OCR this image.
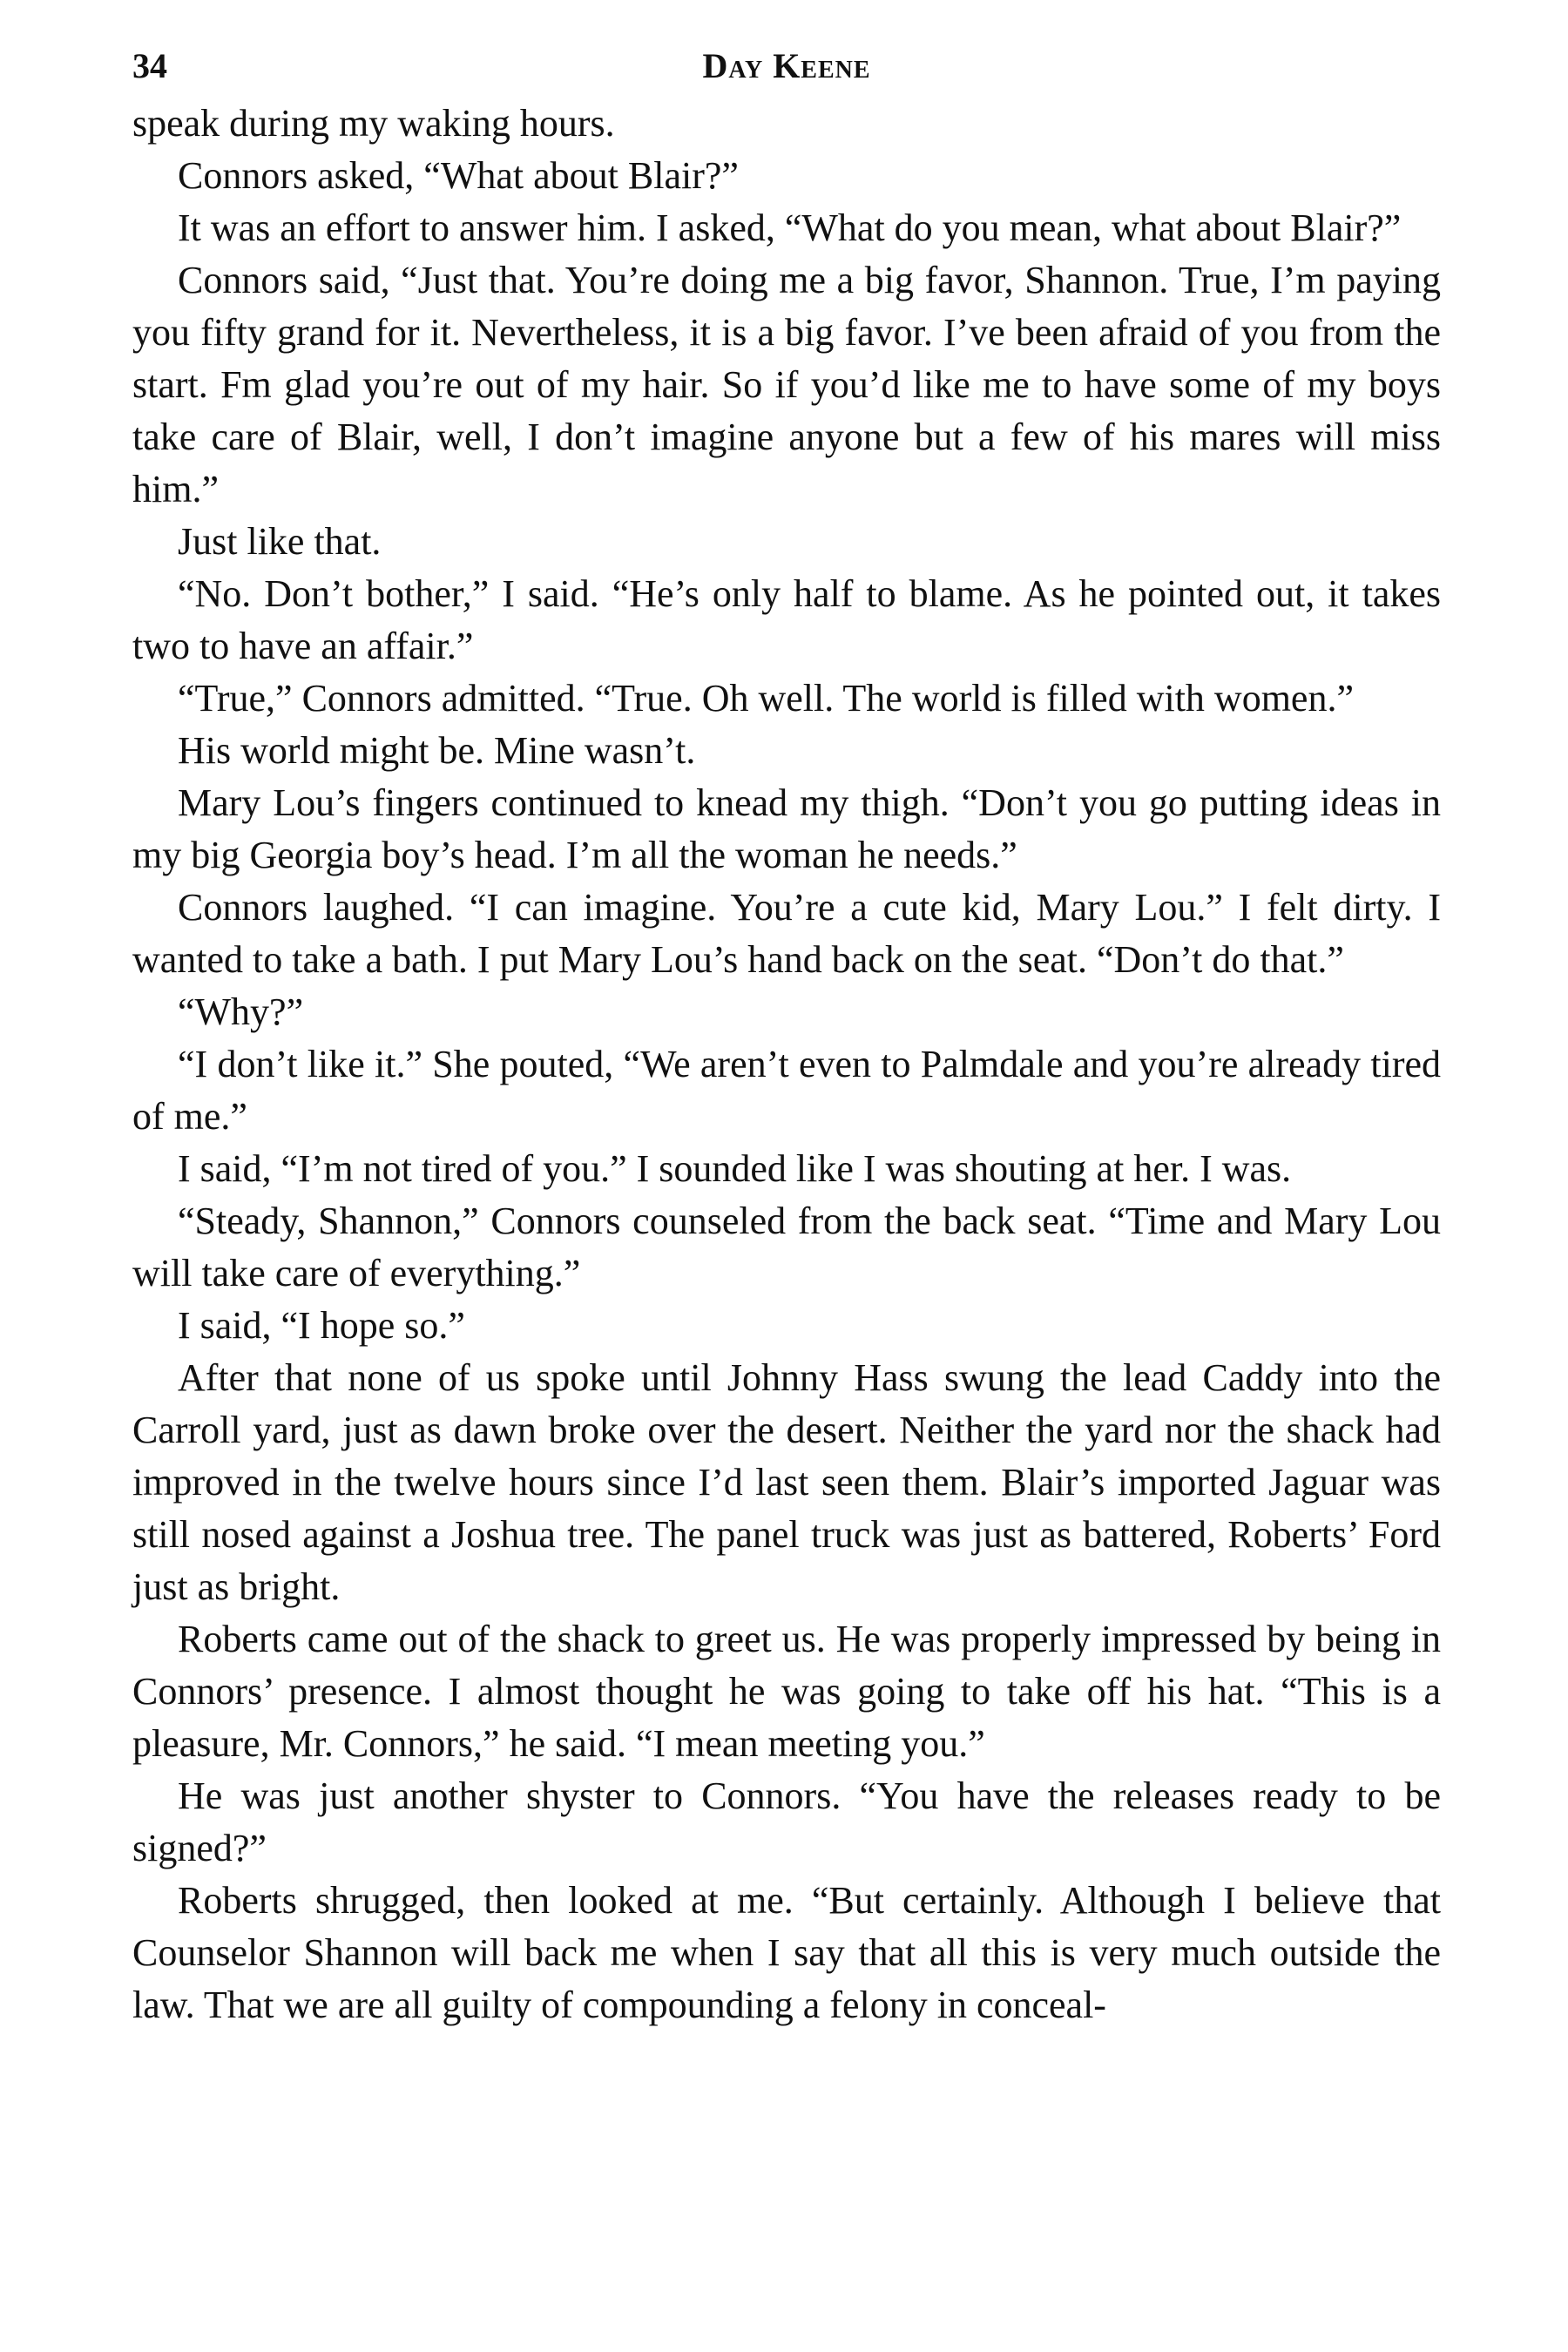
34	Day Keene

speak during my waking hours.

Connors asked, “What about Blair?”

It was an effort to answer him. I asked, “What do you mean, what about Blair?”

Connors said, “Just that. You’re doing me a big favor, Shannon. True, I’m paying you fifty grand for it. Nevertheless, it is a big favor. I’ve been afraid of you from the start. Fm glad you’re out of my hair. So if you’d like me to have some of my boys take care of Blair, well, I don’t imagine anyone but a few of his mares will miss him.”

Just like that.

“No. Don’t bother,” I said. “He’s only half to blame. As he pointed out, it takes two to have an affair.”

“True,” Connors admitted. “True. Oh well. The world is filled with women.”

His world might be. Mine wasn’t.

Mary Lou’s fingers continued to knead my thigh. “Don’t you go putting ideas in my big Georgia boy’s head. I’m all the woman he needs.”

Connors laughed. “I can imagine. You’re a cute kid, Mary Lou.” I felt dirty. I wanted to take a bath. I put Mary Lou’s hand back on the seat. “Don’t do that.”

“Why?”

“I don’t like it.” She pouted, “We aren’t even to Palmdale and you’re already tired of me.”

I said, “I’m not tired of you.” I sounded like I was shouting at her. I was.

“Steady, Shannon,” Connors counseled from the back seat. “Time and Mary Lou will take care of everything.”

I said, “I hope so.”

After that none of us spoke until Johnny Hass swung the lead Caddy into the Carroll yard, just as dawn broke over the desert. Neither the yard nor the shack had improved in the twelve hours since I’d last seen them. Blair’s imported Jaguar was still nosed against a Joshua tree. The panel truck was just as battered, Roberts’ Ford just as bright.

Roberts came out of the shack to greet us. He was properly impressed by being in Connors’ presence. I almost thought he was going to take off his hat. “This is a pleasure, Mr. Connors,” he said. “I mean meeting you.”

He was just another shyster to Connors. “You have the releases ready to be signed?”

Roberts shrugged, then looked at me. “But certainly. Although I believe that Counselor Shannon will back me when I say that all this is very much outside the law. That we are all guilty of compounding a felony in conceal-
